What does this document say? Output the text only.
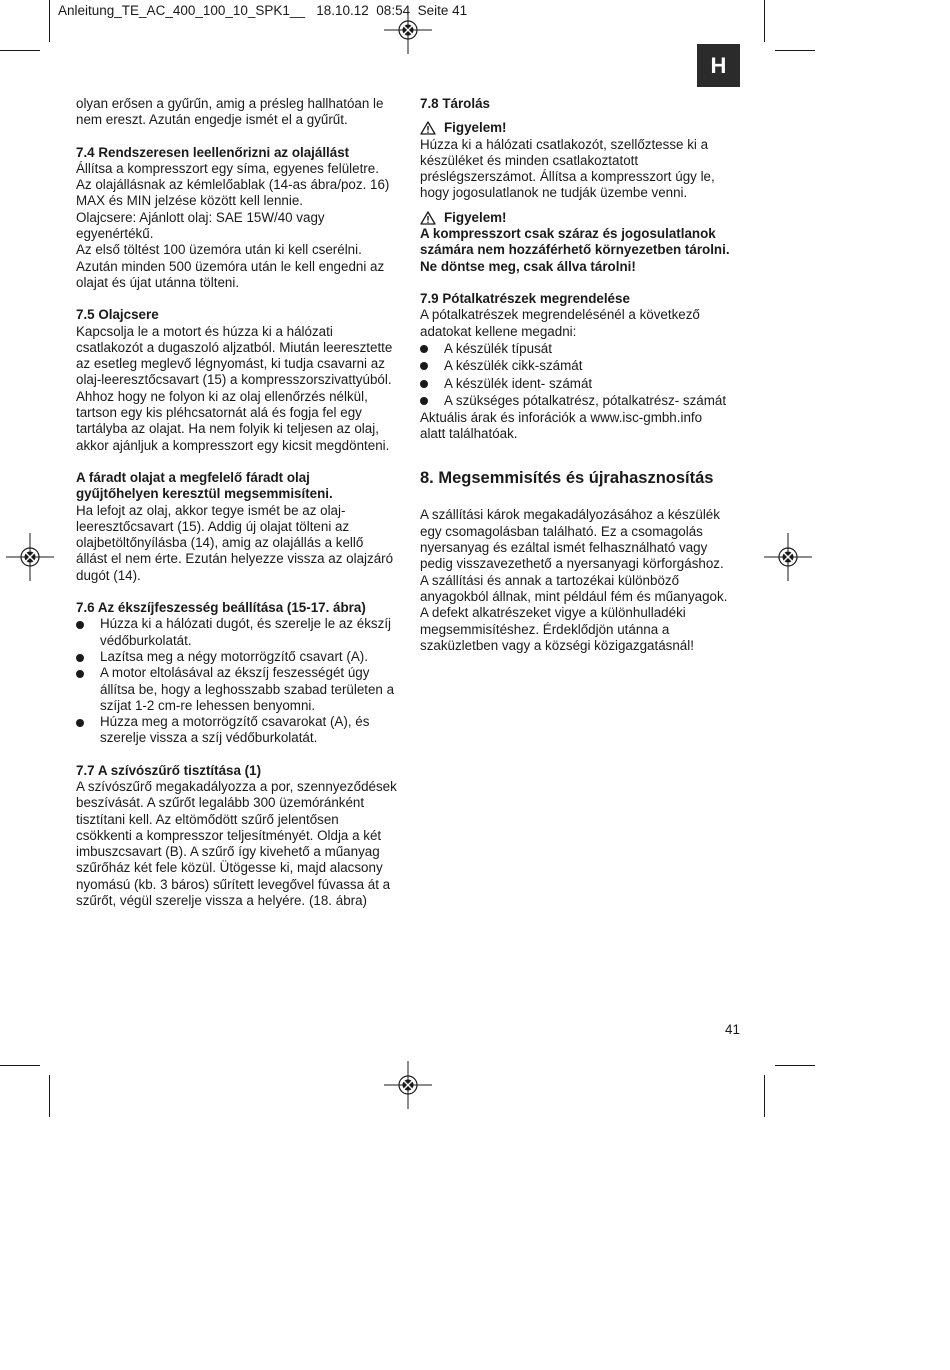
Anleitung_TE_AC_400_100_10_SPK1__ 18.10.12 08:54 Seite 41
H

olyan erősen a gyűrűn, amig a présleg hallhatóan le

nem ereszt. Azután engedje ismét el a gyűrűt.

7.4 Rendszeresen leellenőrizni az olajállást

Állítsa a kompresszort egy síma, egyenes felületre.

Az olajállásnak az kémlelőablak (14-as ábra/poz. 16)

MAX és MIN jelzése között kell lennie.

Olajcsere: Ajánlott olaj: SAE 15W/40 vagy

egyenértékű.

Az első töltést 100 üzemóra után ki kell cserélni.

Azután minden 500 üzemóra után le kell engedni az

olajat és újat utánna tölteni.

7.5 Olajcsere

Kapcsolja le a motort és húzza ki a hálózati

csatlakozót a dugaszoló aljzatból. Miután leeresztette

az esetleg meglevő légnyomást, ki tudja csavarni az

olaj-leeresztőcsavart (15) a kompresszorszivattyúból.

Ahhoz hogy ne folyon ki az olaj ellenőrzés nélkül,

tartson egy kis pléhcsatornát alá és fogja fel egy

tartályba az olajat. Ha nem folyik ki teljesen az olaj,

akkor ajánljuk a kompresszort egy kicsit megdönteni.

A fáradt olajat a megfelelő fáradt olaj

gyűjtőhelyen keresztül megsemmisíteni.

Ha lefojt az olaj, akkor tegye ismét be az olaj-

leeresztőcsavart (15). Addig új olajat tölteni az

olajbetöltőnyílásba (14), amig az olajállás a kellő

állást el nem érte. Ezután helyezze vissza az olajzáró

dugót (14).

7.6 Az ékszíjfeszesség beállítása (15-17. ábra)

Húzza ki a hálózati dugót, és szerelje le az ékszíj

védőburkolatát.

Lazítsa meg a négy motorrögzítő csavart (A).

A motor eltolásával az ékszíj feszességét úgy

állítsa be, hogy a leghosszabb szabad területen a

szíjat 1-2 cm-re lehessen benyomni.

Húzza meg a motorrögzítő csavarokat (A), és

szerelje vissza a szíj védőburkolatát.

7.7 A szívószűrő tisztítása (1)

A szívószűrő megakadályozza a por, szennyeződések

beszívását. A szűrőt legalább 300 üzemóránként

tisztítani kell. Az eltömődött szűrő jelentősen

csökkenti a kompresszor teljesítményét. Oldja a két

imbuszcsavart (B). A szűrő így kivehető a műanyag

szűrőház két fele közül. Ütögesse ki, majd alacsony

nyomású (kb. 3 báros) sűrített levegővel fúvassa át a

szűrőt, végül szerelje vissza a helyére. (18. ábra)

7.8 Tárolás

Figyelem!

Húzza ki a hálózati csatlakozót, szellőztesse ki a

készüléket és minden csatlakoztatott

préslégszerszámot. Állítsa a kompresszort úgy le,

hogy jogosulatlanok ne tudják üzembe venni.

Figyelem!

A kompresszort csak száraz és jogosulatlanok

számára nem hozzáférhető környezetben tárolni.

Ne döntse meg, csak állva tárolni!

7.9 Pótalkatrészek megrendelése

A pótalkatrészek megrendelésénél a következő

adatokat kellene megadni:

A készülék típusát
A készülék cikk-számát
A készülék ident- számát
A szükséges pótalkatrész, pótalkatrész- számát

Aktuális árak és inforációk a www.isc-gmbh.info

alatt találhatóak.

8. Megsemmisítés és újrahasznosítás

A szállítási károk megakadályozásához a készülék

egy csomagolásban található. Ez a csomagolás

nyersanyag és ezáltal ismét felhasználható vagy

pedig visszavezethető a nyersanyagi körforgáshoz.

A szállítási és annak a tartozékai különböző

anyagokból állnak, mint például fém és műanyagok.

A defekt alkatrészeket vigye a különhulladéki

megsemmisítéshez. Érdeklődjön utánna a

szaküzletben vagy a községi közigazgatásnál!

41
